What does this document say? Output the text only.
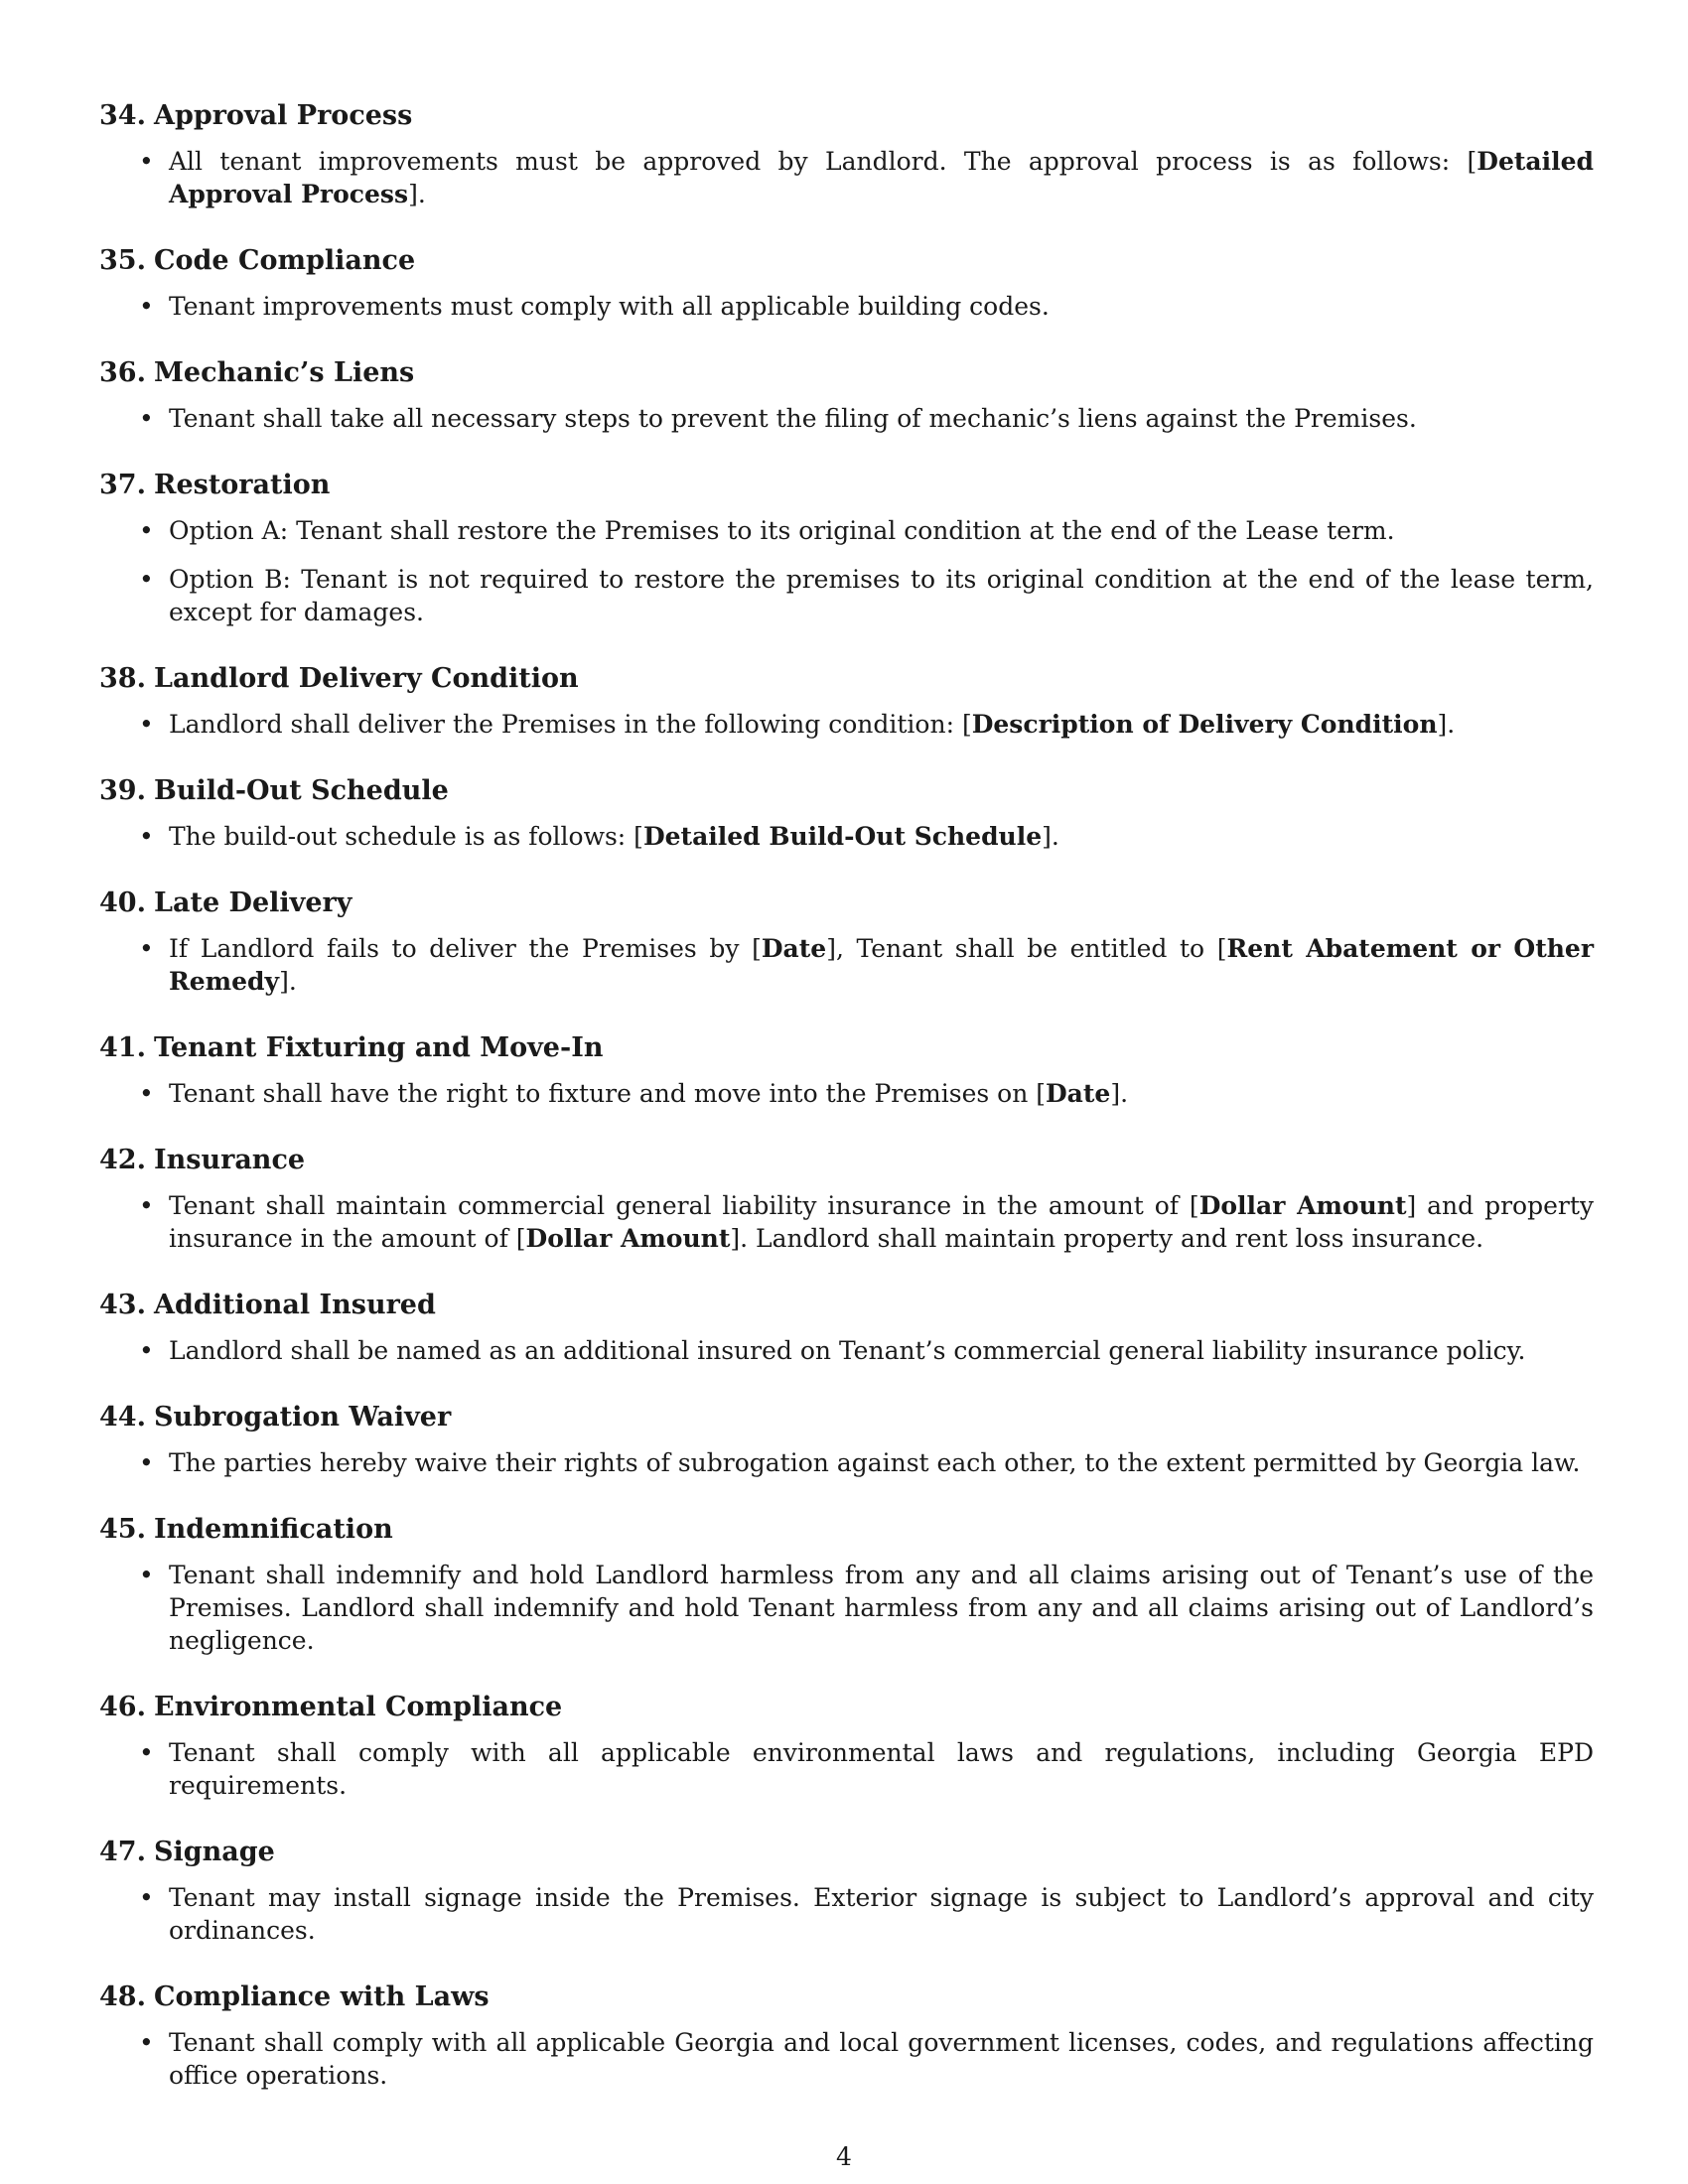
34. Approval Process
• All tenant improvements must be approved by Landlord. The approval process is as follows: [Detailed Approval Process].
35. Code Compliance
• Tenant improvements must comply with all applicable building codes.
36. Mechanic’s Liens
• Tenant shall take all necessary steps to prevent the filing of mechanic’s liens against the Premises.
37. Restoration
• Option A: Tenant shall restore the Premises to its original condition at the end of the Lease term.
• Option B: Tenant is not required to restore the premises to its original condition at the end of the lease term, except for damages.
38. Landlord Delivery Condition
• Landlord shall deliver the Premises in the following condition: [Description of Delivery Condition].
39. Build-Out Schedule
• The build-out schedule is as follows: [Detailed Build-Out Schedule].
40. Late Delivery
• If Landlord fails to deliver the Premises by [Date], Tenant shall be entitled to [Rent Abatement or Other Remedy].
41. Tenant Fixturing and Move-In
• Tenant shall have the right to fixture and move into the Premises on [Date].
42. Insurance
• Tenant shall maintain commercial general liability insurance in the amount of [Dollar Amount] and property insurance in the amount of [Dollar Amount]. Landlord shall maintain property and rent loss insurance.
43. Additional Insured
• Landlord shall be named as an additional insured on Tenant’s commercial general liability insurance policy.
44. Subrogation Waiver
• The parties hereby waive their rights of subrogation against each other, to the extent permitted by Georgia law.
45. Indemnification
• Tenant shall indemnify and hold Landlord harmless from any and all claims arising out of Tenant’s use of the Premises. Landlord shall indemnify and hold Tenant harmless from any and all claims arising out of Landlord’s negligence.
46. Environmental Compliance
• Tenant shall comply with all applicable environmental laws and regulations, including Georgia EPD requirements.
47. Signage
• Tenant may install signage inside the Premises. Exterior signage is subject to Landlord’s approval and city ordinances.
48. Compliance with Laws
• Tenant shall comply with all applicable Georgia and local government licenses, codes, and regulations affecting office operations.
4
